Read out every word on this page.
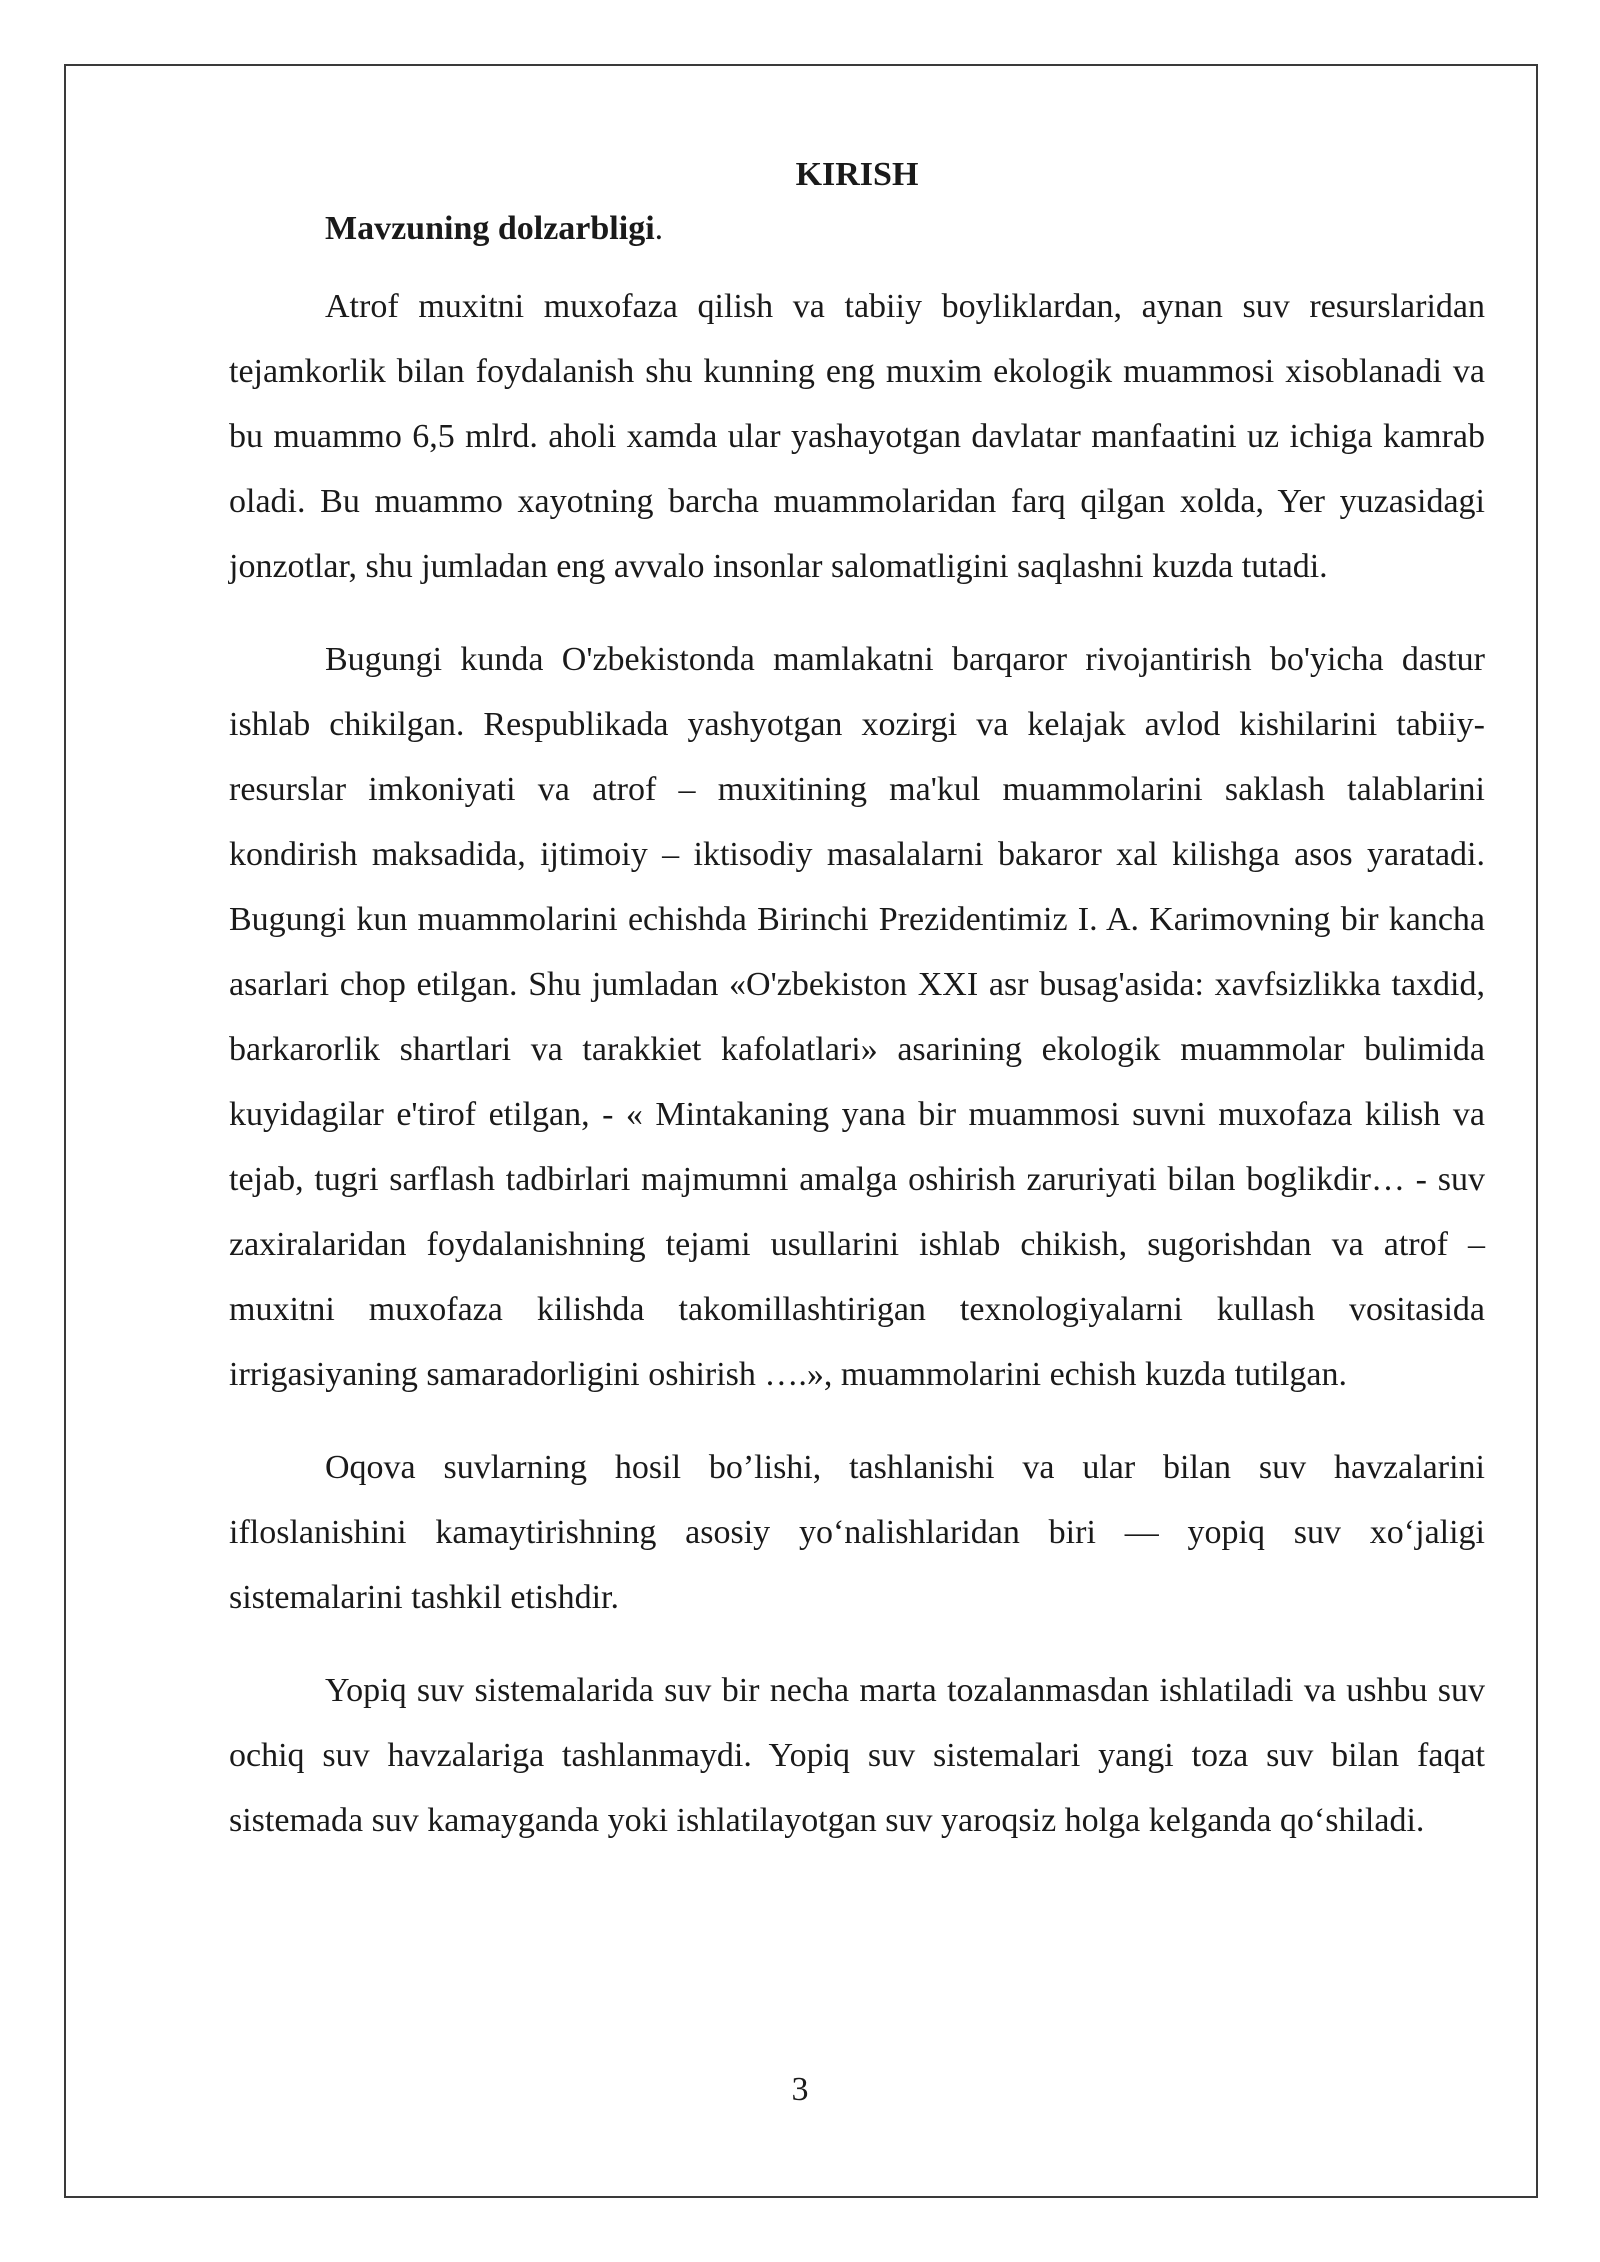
KIRISH

Mavzuning dolzarbligi.

Atrof muxitni muxofaza qilish va tabiiy boyliklardan, aynan suv resurslaridan tejamkorlik bilan foydalanish shu kunning eng muxim ekologik muammosi xisoblanadi va bu muammo 6,5 mlrd. aholi xamda ular yashayotgan davlatar manfaatini uz ichiga kamrab oladi. Bu muammo xayotning barcha muammolaridan farq qilgan xolda, Yer yuzasidagi jonzotlar, shu jumladan eng avvalo insonlar salomatligini saqlashni kuzda tutadi.

Bugungi kunda O'zbekistonda mamlakatni barqaror rivojantirish bo'yicha dastur ishlab chikilgan. Respublikada yashyotgan xozirgi va kelajak avlod kishilarini tabiiy- resurslar imkoniyati va atrof – muxitining ma'kul muammolarini saklash talablarini kondirish maksadida, ijtimoiy – iktisodiy masalalarni bakaror xal kilishga asos yaratadi. Bugungi kun muammolarini echishda Birinchi Prezidentimiz I. A. Karimovning bir kancha asarlari chop etilgan. Shu jumladan «O'zbekiston XXI asr busag'asida: xavfsizlikka taxdid, barkarorlik shartlari va tarakkiet kafolatlari» asarining ekologik muammolar bulimida kuyidagilar e'tirof etilgan, - « Mintakaning yana bir muammosi suvni muxofaza kilish va tejab, tugri sarflash tadbirlari majmumni amalga oshirish zaruriyati bilan boglikdir… - suv zaxiralaridan foydalanishning tejami usullarini ishlab chikish, sugorishdan va atrof – muxitni muxofaza kilishda takomillashtirigan texnologiyalarni kullash vositasida irrigasiyaning samaradorligini oshirish ….», muammolarini echish kuzda tutilgan.

Oqova suvlarning hosil bo’lishi, tashlanishi va ular bilan suv havzalarini ifloslanishini kamaytirishning asosiy yo‘nalishlaridan biri — yopiq suv xo‘jaligi sistemalarini tashkil etishdir.

Yopiq suv sistemalarida suv bir necha marta tozalanmasdan ishlatiladi va ushbu suv ochiq suv havzalariga tashlanmaydi. Yopiq suv sistemalari yangi toza suv bilan faqat sistemada suv kamayganda yoki ishlatilayotgan suv yaroqsiz holga kelganda qo‘shiladi.

3
